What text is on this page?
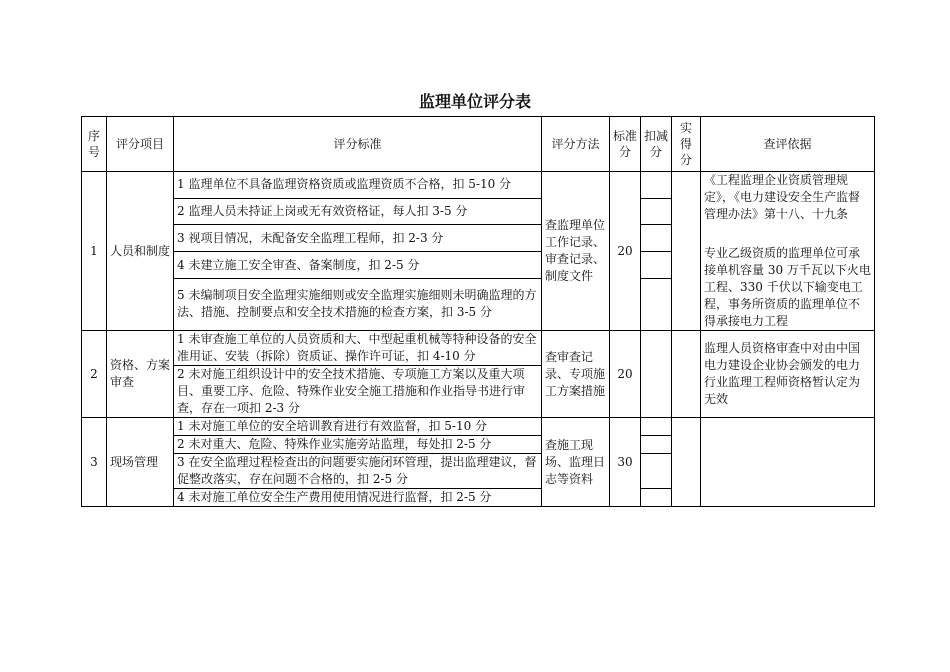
监理单位评分表
序号	评分项目	评分标准	评分方法	标准分	扣减分	实得分	查评依据
1	人员和制度	1 监理单位不具备监理资格资质或监理资质不合格，扣 5-10 分	查监理单位工作记录、审查记录、制度文件	20			《工程监理企业资质管理规定》，《电力建设安全生产监督管理办法》第十八、十九条

专业乙级资质的监理单位可承接单机容量 30 万千瓦以下火电工程、330 千伏以下输变电工程，事务所资质的监理单位不得承接电力工程

		2 监理人员未持证上岗或无有效资格证，每人扣 3-5 分					
		3 视项目情况，未配备安全监理工程师，扣 2-3 分					
		4 未建立施工安全审查、备案制度，扣 2-5 分					
		5 未编制项目安全监理实施细则或安全监理实施细则未明确监理的方法、措施、控制要点和安全技术措施的检查方案，扣 3-5 分					
2	资格、方案审查	1 未审查施工单位的人员资质和大、中型起重机械等特种设备的安全准用证、安装（拆除）资质证、操作许可证，扣 4-10 分	查审查记录、专项施工方案措施	20			监理人员资格审查中对由中国电力建设企业协会颁发的电力行业监理工程师资格暂认定为无效

		2 未对施工组织设计中的安全技术措施、专项施工方案以及重大项目、重要工序、危险、特殊作业安全施工措施和作业指导书进行审查，存在一项扣 2-3 分					
3	现场管理	1 未对施工单位的安全培训教育进行有效监督，扣 5-10 分	查施工现场、监理日志等资料	30			
		2 未对重大、危险、特殊作业实施旁站监理，每处扣 2-5 分					
		3 在安全监理过程检查出的问题要实施闭环管理，提出监理建议，督促整改落实，存在问题不合格的，扣 2-5 分					
		4 未对施工单位安全生产费用使用情况进行监督，扣 2-5 分					
